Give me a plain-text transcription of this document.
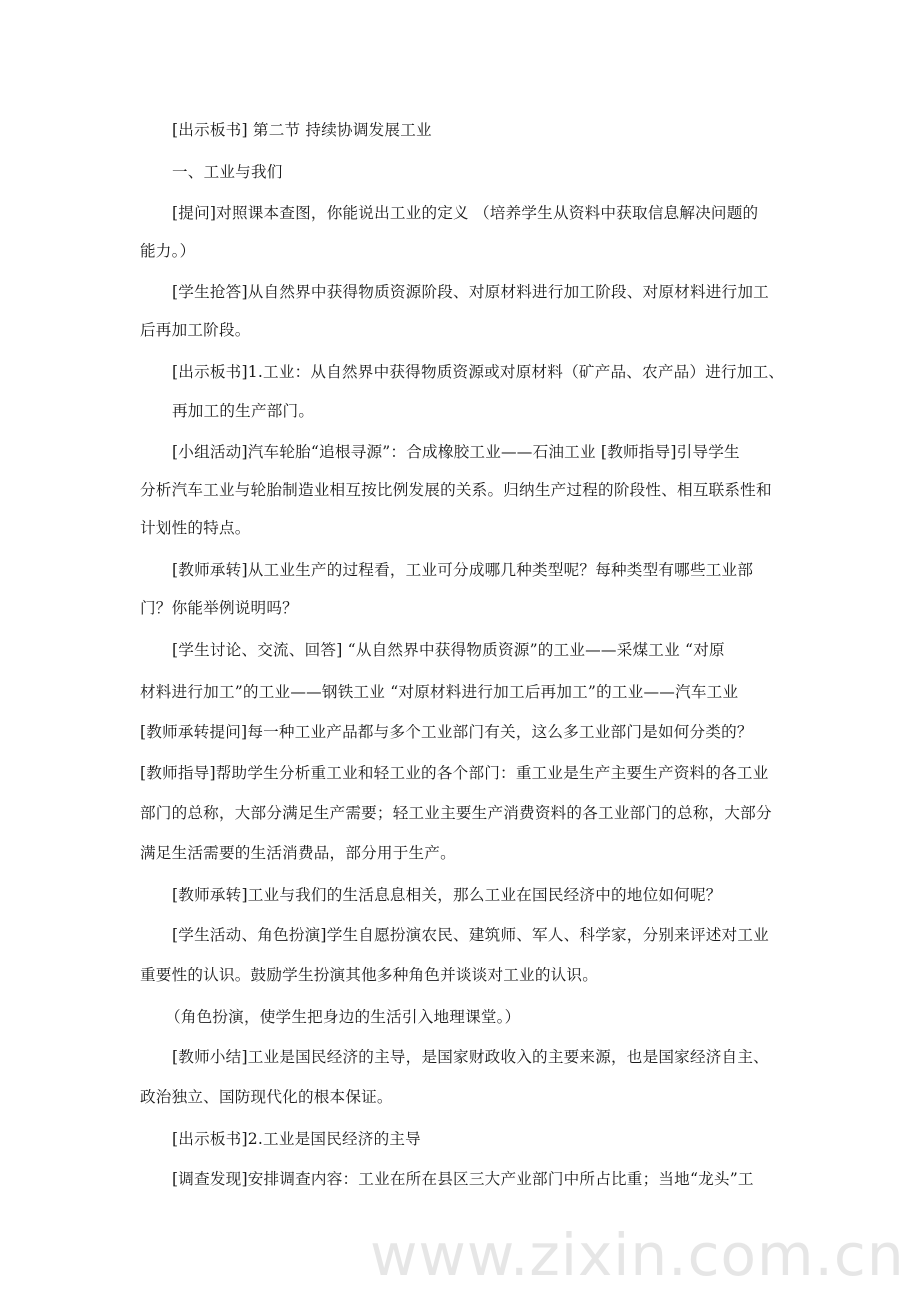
www.zixin.com.cn
[出示板书] 第二节 持续协调发展工业
一、工业与我们
[提问]对照课本查图，你能说出工业的定义 （培养学生从资料中获取信息解决问题的
能力。）
[学生抢答]从自然界中获得物质资源阶段、对原材料进行加工阶段、对原材料进行加工
后再加工阶段。
[出示板书]1.工业：从自然界中获得物质资源或对原材料（矿产品、农产品）进行加工、
再加工的生产部门。
[小组活动]汽车轮胎“追根寻源”：合成橡胶工业——石油工业 [教师指导]引导学生
分析汽车工业与轮胎制造业相互按比例发展的关系。归纳生产过程的阶段性、相互联系性和
计划性的特点。
[教师承转]从工业生产的过程看，工业可分成哪几种类型呢？每种类型有哪些工业部
门？你能举例说明吗？
[学生讨论、交流、回答] “从自然界中获得物质资源”的工业——采煤工业 “对原
材料进行加工”的工业——钢铁工业 “对原材料进行加工后再加工”的工业——汽车工业
[教师承转提问]每一种工业产品都与多个工业部门有关，这么多工业部门是如何分类的？
[教师指导]帮助学生分析重工业和轻工业的各个部门：重工业是生产主要生产资料的各工业
部门的总称，大部分满足生产需要；轻工业主要生产消费资料的各工业部门的总称，大部分
满足生活需要的生活消费品，部分用于生产。
[教师承转]工业与我们的生活息息相关，那么工业在国民经济中的地位如何呢？
[学生活动、角色扮演]学生自愿扮演农民、建筑师、军人、科学家，分别来评述对工业
重要性的认识。鼓励学生扮演其他多种角色并谈谈对工业的认识。
（角色扮演，使学生把身边的生活引入地理课堂。）
[教师小结]工业是国民经济的主导，是国家财政收入的主要来源，也是国家经济自主、
政治独立、国防现代化的根本保证。
[出示板书]2.工业是国民经济的主导
[调查发现]安排调查内容：工业在所在县区三大产业部门中所占比重；当地“龙头”工
